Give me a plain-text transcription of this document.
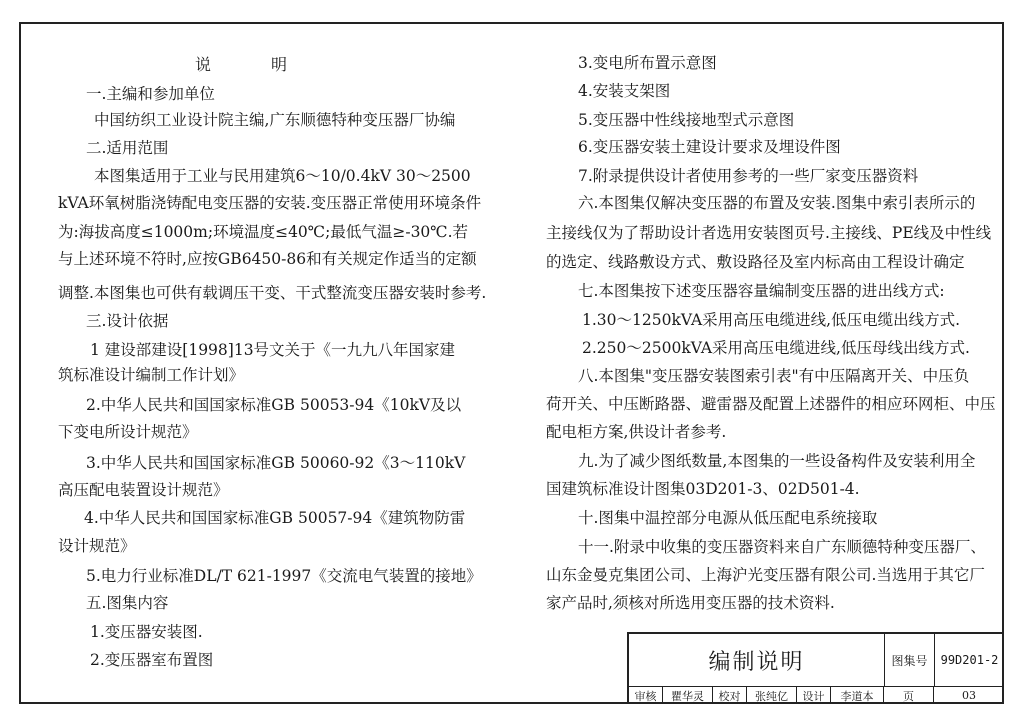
说明
一.主编和参加单位
中国纺织工业设计院主编,广东顺德特种变压器厂协编
二.适用范围
本图集适用于工业与民用建筑6～10/0.4kV 30～2500
kVA环氧树脂浇铸配电变压器的安装.变压器正常使用环境条件
为:海拔高度≤1000m;环境温度≤40℃;最低气温≥-30℃.若
与上述环境不符时,应按GB6450-86和有关规定作适当的定额
调整.本图集也可供有载调压干变、干式整流变压器安装时参考.
三.设计依据
1 建设部建设[1998]13号文关于《一九九八年国家建
筑标准设计编制工作计划》
2.中华人民共和国国家标准GB 50053-94《10kV及以
下变电所设计规范》
3.中华人民共和国国家标准GB 50060-92《3～110kV
高压配电装置设计规范》
4.中华人民共和国国家标准GB 50057-94《建筑物防雷
设计规范》
5.电力行业标准DL/T 621-1997《交流电气装置的接地》
五.图集内容
1.变压器安装图.
2.变压器室布置图
3.变电所布置示意图
4.安装支架图
5.变压器中性线接地型式示意图
6.变压器安装土建设计要求及埋设件图
7.附录提供设计者使用参考的一些厂家变压器资料
六.本图集仅解决变压器的布置及安装.图集中索引表所示的
主接线仅为了帮助设计者选用安装图页号.主接线、PE线及中性线
的选定、线路敷设方式、敷设路径及室内标高由工程设计确定
七.本图集按下述变压器容量编制变压器的进出线方式:
1.30～1250kVA采用高压电缆进线,低压电缆出线方式.
2.250～2500kVA采用高压电缆进线,低压母线出线方式.
八.本图集"变压器安装图索引表"有中压隔离开关、中压负
荷开关、中压断路器、避雷器及配置上述器件的相应环网柜、中压
配电柜方案,供设计者参考.
九.为了减少图纸数量,本图集的一些设备构件及安装利用全
国建筑标准设计图集03D201-3、02D501-4.
十.图集中温控部分电源从低压配电系统接取
十一.附录中收集的变压器资料来自广东顺德特种变压器厂、
山东金曼克集团公司、上海沪光变压器有限公司.当选用于其它厂
家产品时,须核对所选用变压器的技术资料.
编制说明	图集号	99D201-2
审核	瞿华灵	校对	张纯亿	设计	李道本	页	03
